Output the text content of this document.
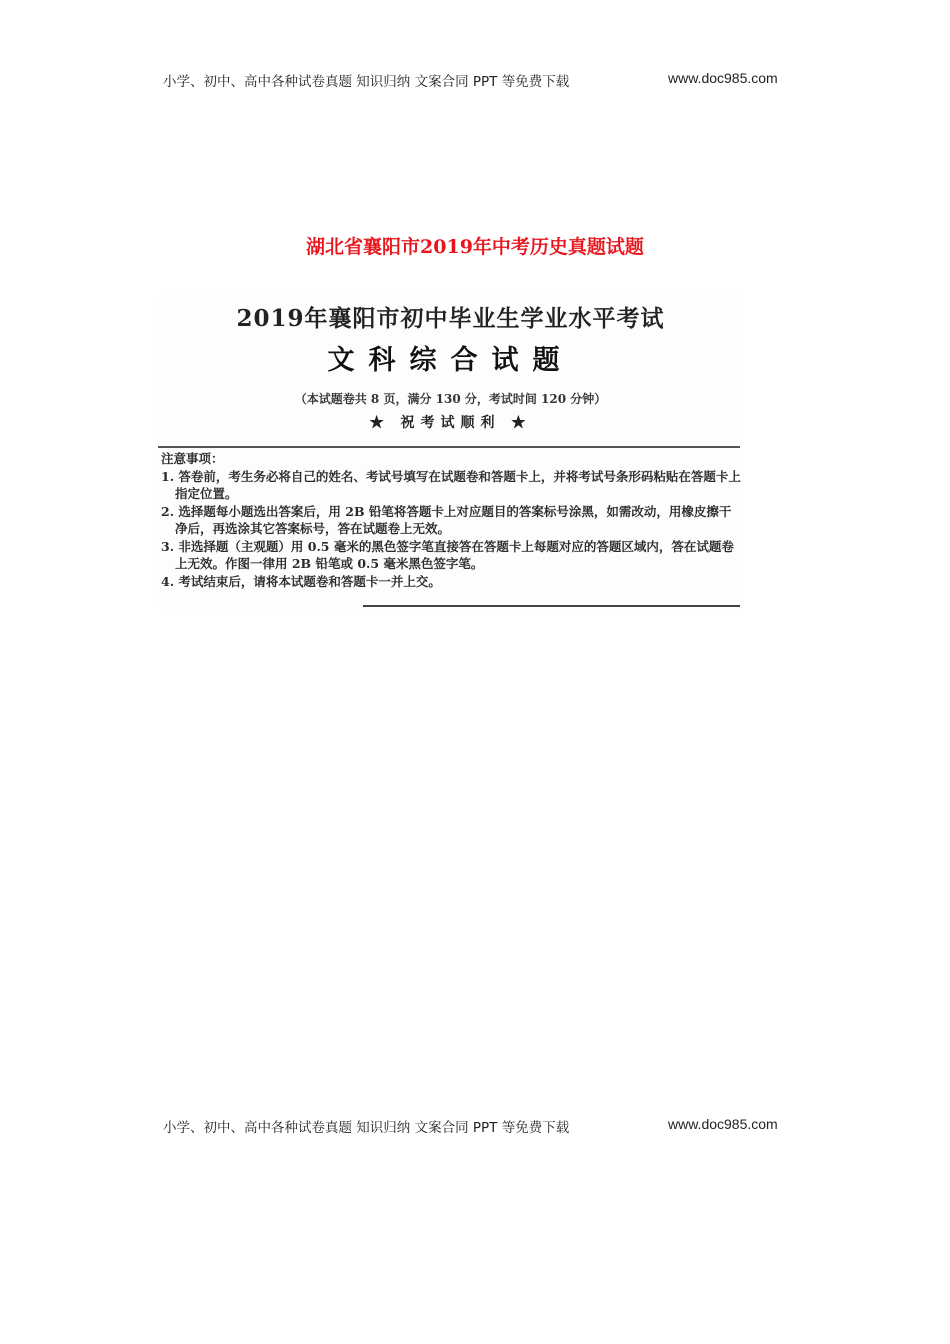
小学、初中、高中各种试卷真题 知识归纳 文案合同 PPT 等免费下载	www.doc985.com
湖北省襄阳市2019年中考历史真题试题
2019年襄阳市初中毕业生学业水平考试
文科综合试题
（本试题卷共 8 页，满分 130 分，考试时间 120 分钟）
★ 祝考试顺利 ★
注意事项：
1. 答卷前，考生务必将自己的姓名、考试号填写在试题卷和答题卡上，并将考试号条形码粘贴在答题卡上指定位置。
2. 选择题每小题选出答案后，用 2B 铅笔将答题卡上对应题目的答案标号涂黑，如需改动，用橡皮擦干净后，再选涂其它答案标号，答在试题卷上无效。
3. 非选择题（主观题）用 0.5 毫米的黑色签字笔直接答在答题卡上每题对应的答题区域内，答在试题卷上无效。作图一律用 2B 铅笔或 0.5 毫米黑色签字笔。
4. 考试结束后，请将本试题卷和答题卡一并上交。
小学、初中、高中各种试卷真题 知识归纳 文案合同 PPT 等免费下载	www.doc985.com
